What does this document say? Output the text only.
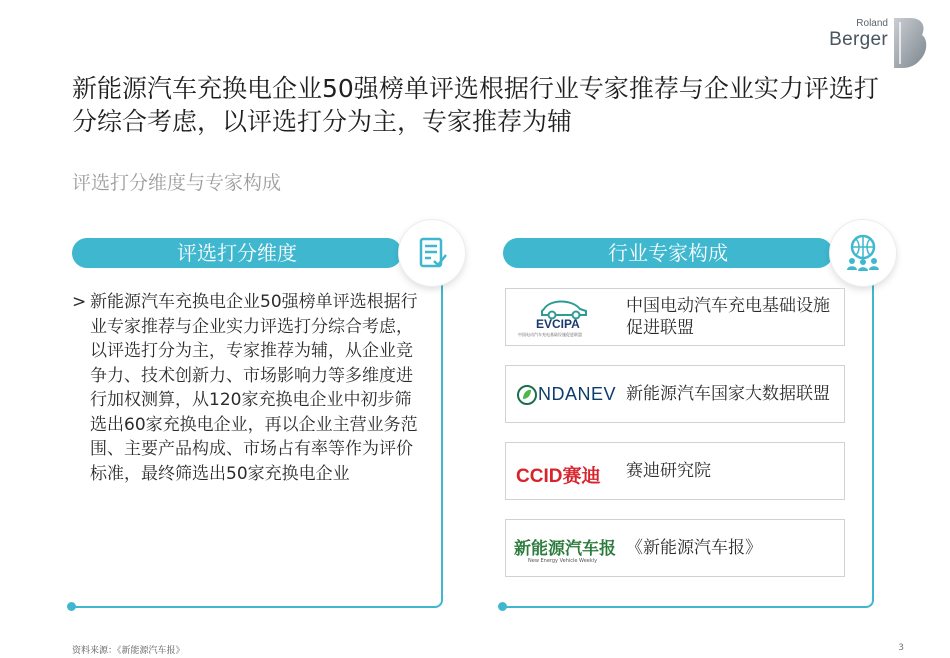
Roland
Berger
新能源汽车充换电企业50强榜单评选根据行业专家推荐与企业实力评选打分综合考虑，以评选打分为主，专家推荐为辅
评选打分维度与专家构成
评选打分维度
> 新能源汽车充换电企业50强榜单评选根据行业专家推荐与企业实力评选打分综合考虑，以评选打分为主，专家推荐为辅，从企业竞争力、技术创新力、市场影响力等多维度进行加权测算，从120家充换电企业中初步筛选出60家充换电企业，再以企业主营业务范围、主要产品构成、市场占有率等作为评价标准，最终筛选出50家充换电企业
行业专家构成
EVCIPA
中国电动汽车充电基础设施促进联盟
中国电动汽车充电基础设施促进联盟
NDANEV 新能源汽车国家大数据联盟
CCID赛迪 赛迪研究院
新能源汽车报
New Energy Vehicle Weekly
《新能源汽车报》
资料来源：《新能源汽车报》	3
